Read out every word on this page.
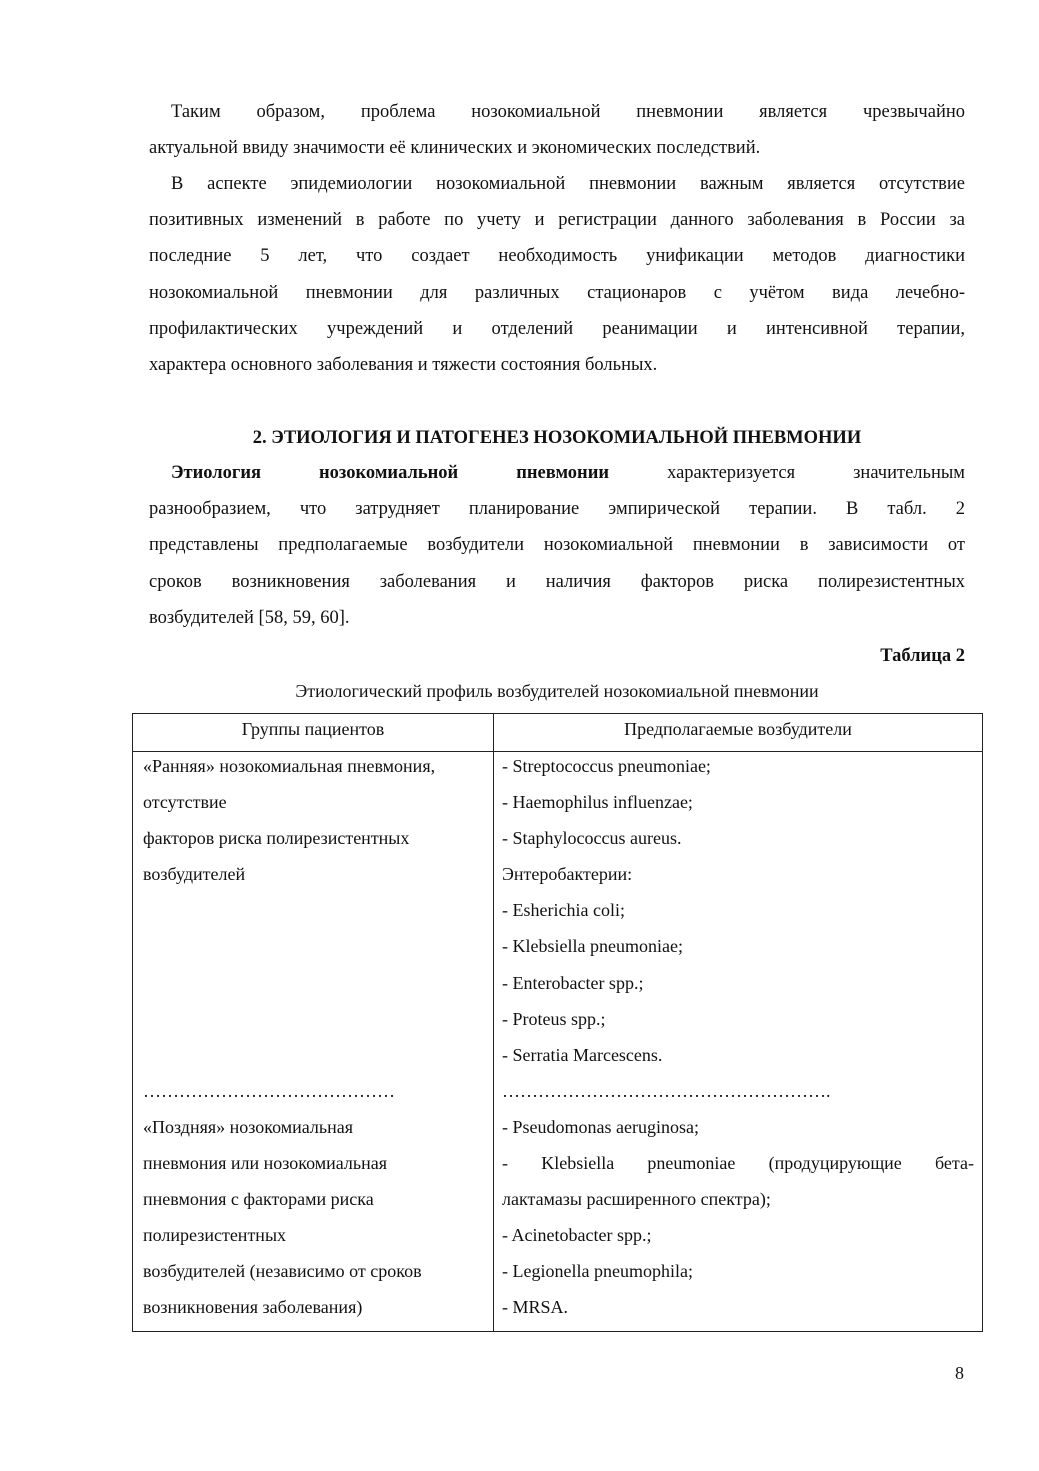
Таким образом, проблема нозокомиальной пневмонии является чрезвычайно
актуальной ввиду значимости её клинических и экономических последствий.
В аспекте эпидемиологии нозокомиальной пневмонии важным является отсутствие
позитивных изменений в работе по учету и регистрации данного заболевания в России за
последние 5 лет, что создает необходимость унификации методов диагностики
нозокомиальной пневмонии для различных стационаров с учётом вида лечебно-
профилактических учреждений и отделений реанимации и интенсивной терапии,
характера основного заболевания и тяжести состояния больных.
2. ЭТИОЛОГИЯ И ПАТОГЕНЕЗ НОЗОКОМИАЛЬНОЙ ПНЕВМОНИИ
Этиология нозокомиальной пневмонии	характеризуется значительным
разнообразием, что затрудняет планирование эмпирической терапии. В табл. 2
представлены предполагаемые возбудители нозокомиальной пневмонии в зависимости от
сроков возникновения заболевания и наличия факторов риска полирезистентных
возбудителей [58, 59, 60].
Таблица 2
Этиологический профиль возбудителей нозокомиальной пневмонии
Группы пациентов	Предполагаемые возбудители
«Ранняя» нозокомиальная пневмония,
отсутствие
факторов риска полирезистентных
возбудителей
……………………………………
«Поздняя» нозокомиальная
пневмония или нозокомиальная
пневмония с факторами риска
полирезистентных
возбудителей (независимо от сроков
возникновения заболевания)
- Streptococcus pneumoniae;
- Haemophilus influenzae;
- Staphylococcus aureus.
Энтеробактерии:
- Esherichia coli;
- Klebsiella pneumoniae;
- Enterobacter spp.;
- Proteus spp.;
- Serratia Marcescens.
……………………………………………….
- Pseudomonas aeruginosa;
- Klebsiella pneumoniae (продуцирующие бета-
лактамазы расширенного спектра);
- Acinetobacter spp.;
- Legionella pneumophila;
- MRSA.
8
